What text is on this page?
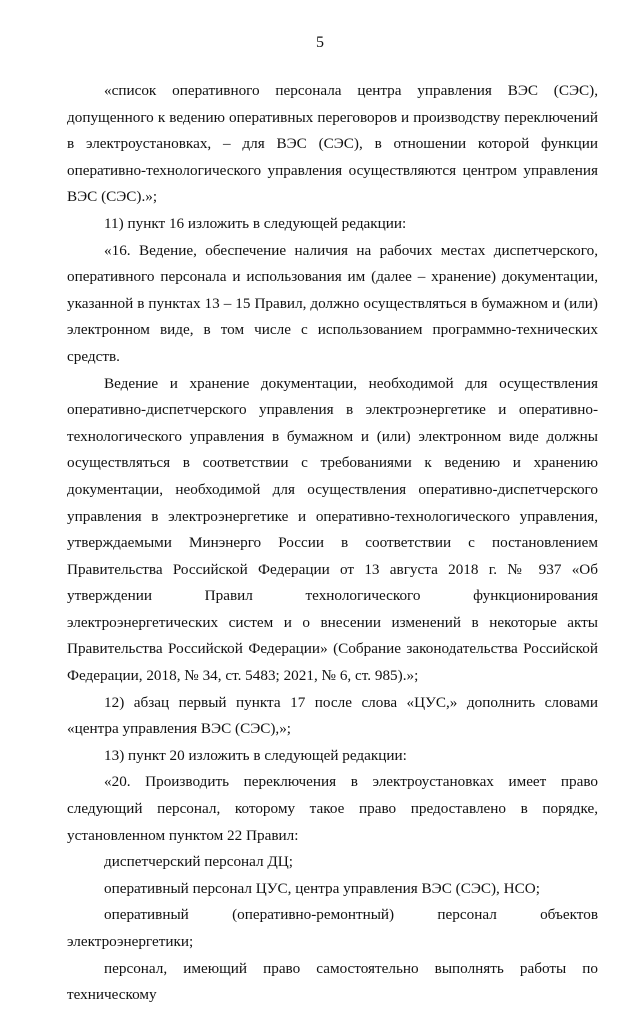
5

«список оперативного персонала центра управления ВЭС (СЭС), допущенного к ведению оперативных переговоров и производству переключений в электроустановках, – для ВЭС (СЭС), в отношении которой функции оперативно-технологического управления осуществляются центром управления ВЭС (СЭС).»;

11) пункт 16 изложить в следующей редакции:

«16. Ведение, обеспечение наличия на рабочих местах диспетчерского, оперативного персонала и использования им (далее – хранение) документации, указанной в пунктах 13 – 15 Правил, должно осуществляться в бумажном и (или) электронном виде, в том числе с использованием программно-технических средств.

Ведение и хранение документации, необходимой для осуществления оперативно-диспетчерского управления в электроэнергетике и оперативно-технологического управления в бумажном и (или) электронном виде должны осуществляться в соответствии с требованиями к ведению и хранению документации, необходимой для осуществления оперативно-диспетчерского управления в электроэнергетике и оперативно-технологического управления, утверждаемыми Минэнерго России в соответствии с постановлением Правительства Российской Федерации от 13 августа 2018 г. № 937 «Об утверждении Правил технологического функционирования электроэнергетических систем и о внесении изменений в некоторые акты Правительства Российской Федерации» (Собрание законодательства Российской Федерации, 2018, № 34, ст. 5483; 2021, № 6, ст. 985).»;

12) абзац первый пункта 17 после слова «ЦУС,» дополнить словами «центра управления ВЭС (СЭС),»;

13) пункт 20 изложить в следующей редакции:

«20. Производить переключения в электроустановках имеет право следующий персонал, которому такое право предоставлено в порядке, установленном пунктом 22 Правил:

диспетчерский персонал ДЦ;

оперативный персонал ЦУС, центра управления ВЭС (СЭС), НСО;

оперативный (оперативно-ремонтный) персонал объектов электроэнергетики;

персонал, имеющий право самостоятельно выполнять работы по техническому
